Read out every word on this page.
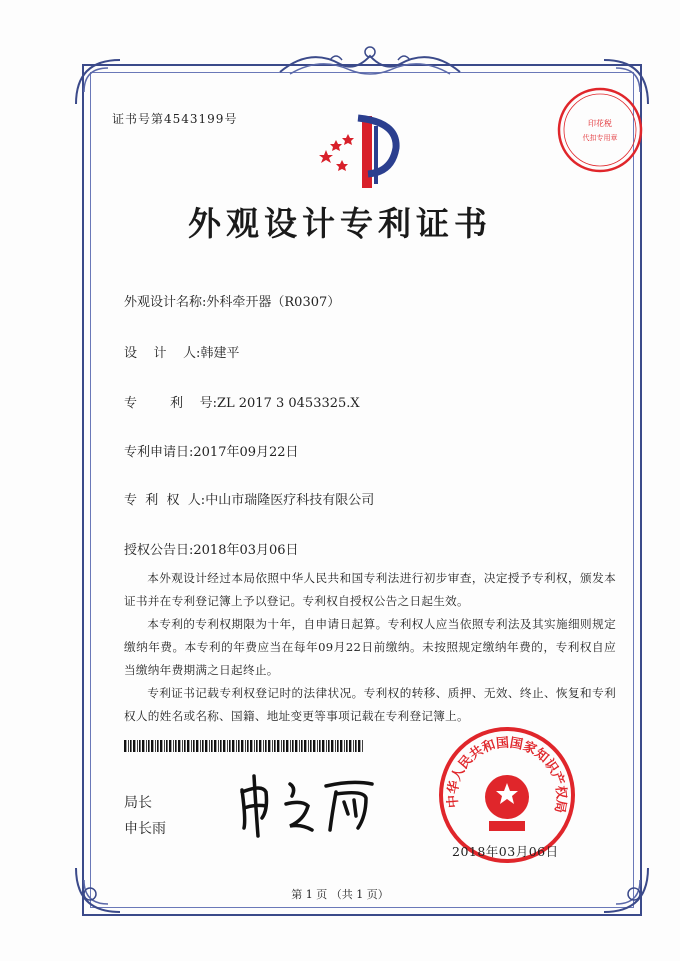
证书号第4543199号	印花税
代扣专用章
外观设计专利证书
外观设计名称:外科牵开器（R0307）
设    计    人:韩建平
专        利    号:ZL 2017 3 0453325.X
专利申请日:2017年09月22日
专  利  权  人:中山市瑞隆医疗科技有限公司
授权公告日:2018年03月06日

本外观设计经过本局依照中华人民共和国专利法进行初步审查，决定授予专利权，颁发本证书并在专利登记簿上予以登记。专利权自授权公告之日起生效。

本专利的专利权期限为十年，自申请日起算。专利权人应当依照专利法及其实施细则规定缴纳年费。本专利的年费应当在每年09月22日前缴纳。未按照规定缴纳年费的，专利权自应当缴纳年费期满之日起终止。

专利证书记载专利权登记时的法律状况。专利权的转移、质押、无效、终止、恢复和专利权人的姓名或名称、国籍、地址变更等事项记载在专利登记簿上。

局长
申长雨
中华人民共和国国家知识产权局
2018年03月06日
第 1 页 （共 1 页）
